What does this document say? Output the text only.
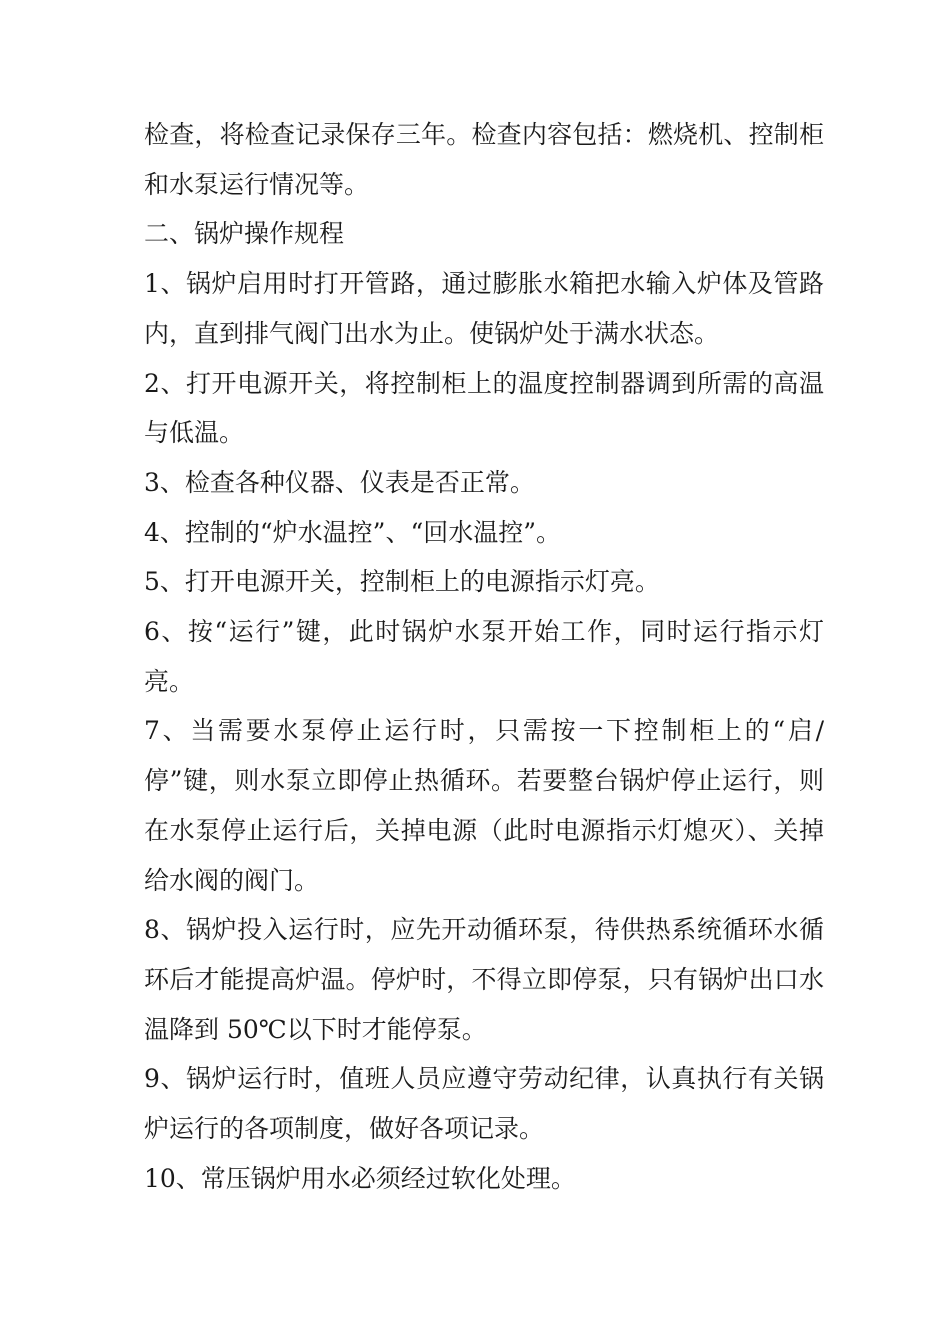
检查，将检查记录保存三年。检查内容包括：燃烧机、控制柜和水泵运行情况等。

二、锅炉操作规程

1、锅炉启用时打开管路，通过膨胀水箱把水输入炉体及管路内，直到排气阀门出水为止。使锅炉处于满水状态。

2、打开电源开关，将控制柜上的温度控制器调到所需的高温与低温。

3、检查各种仪器、仪表是否正常。

4、控制的“炉水温控”、“回水温控”。

5、打开电源开关，控制柜上的电源指示灯亮。

6、按“运行”键，此时锅炉水泵开始工作，同时运行指示灯亮。

7、当需要水泵停止运行时，只需按一下控制柜上的“启/停”键，则水泵立即停止热循环。若要整台锅炉停止运行，则在水泵停止运行后，关掉电源（此时电源指示灯熄灭）、关掉给水阀的阀门。

8、锅炉投入运行时，应先开动循环泵，待供热系统循环水循环后才能提高炉温。停炉时，不得立即停泵，只有锅炉出口水温降到 50℃以下时才能停泵。

9、锅炉运行时，值班人员应遵守劳动纪律，认真执行有关锅炉运行的各项制度，做好各项记录。

10、常压锅炉用水必须经过软化处理。
